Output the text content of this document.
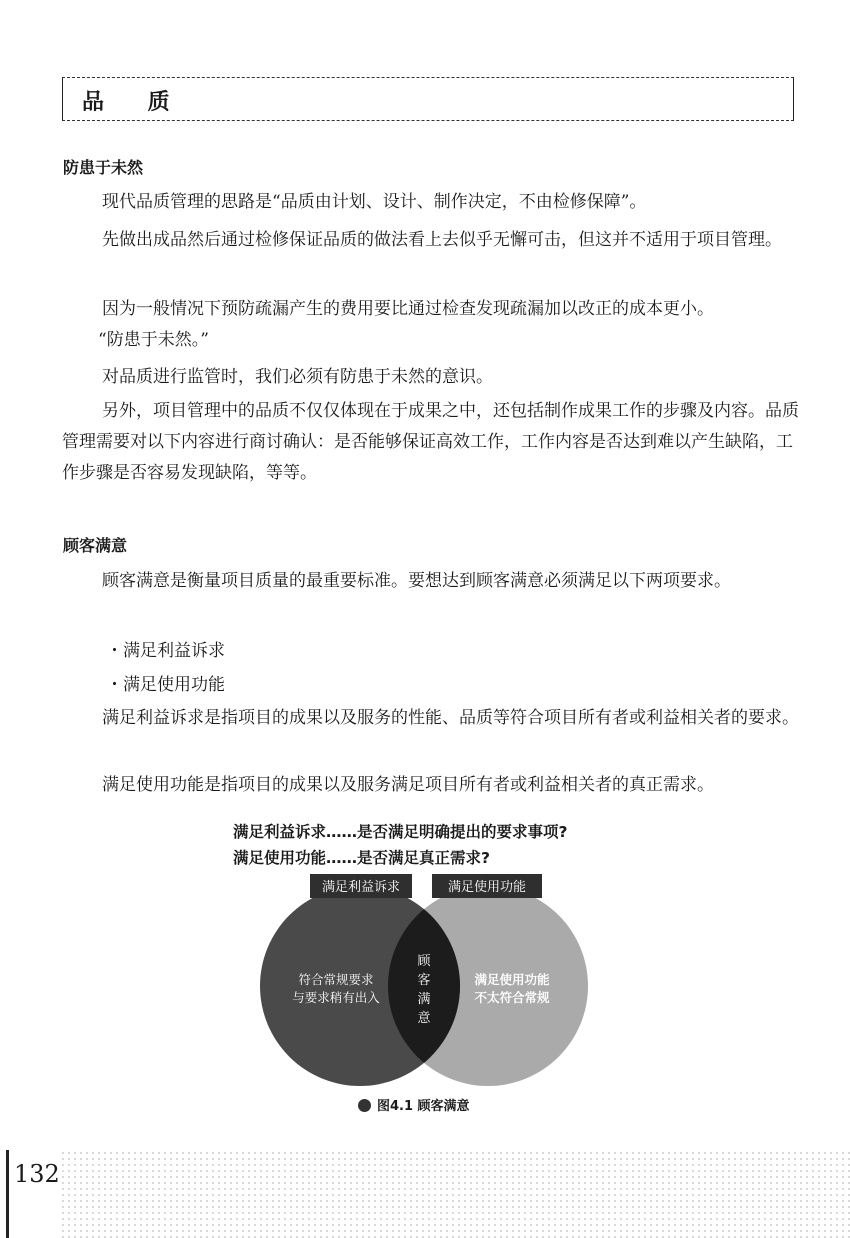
品 质
防患于未然
现代品质管理的思路是“品质由计划、设计、制作决定，不由检修保障”。
先做出成品然后通过检修保证品质的做法看上去似乎无懈可击，但这并不适用于项目管理。
因为一般情况下预防疏漏产生的费用要比通过检查发现疏漏加以改正的成本更小。
“防患于未然。”
对品质进行监管时，我们必须有防患于未然的意识。
另外，项目管理中的品质不仅仅体现在于成果之中，还包括制作成果工作的步骤及内容。品质管理需要对以下内容进行商讨确认：是否能够保证高效工作，工作内容是否达到难以产生缺陷，工作步骤是否容易发现缺陷，等等。
顾客满意
顾客满意是衡量项目质量的最重要标准。要想达到顾客满意必须满足以下两项要求。
・满足利益诉求
・满足使用功能
满足利益诉求是指项目的成果以及服务的性能、品质等符合项目所有者或利益相关者的要求。
满足使用功能是指项目的成果以及服务满足项目所有者或利益相关者的真正需求。
满足利益诉求……是否满足明确提出的要求事项?
满足使用功能……是否满足真正需求?
满足利益诉求	满足使用功能
符合常规要求
与要求稍有出入
顾
客
满
意
满足使用功能
不太符合常规
图4.1 顾客满意
132
